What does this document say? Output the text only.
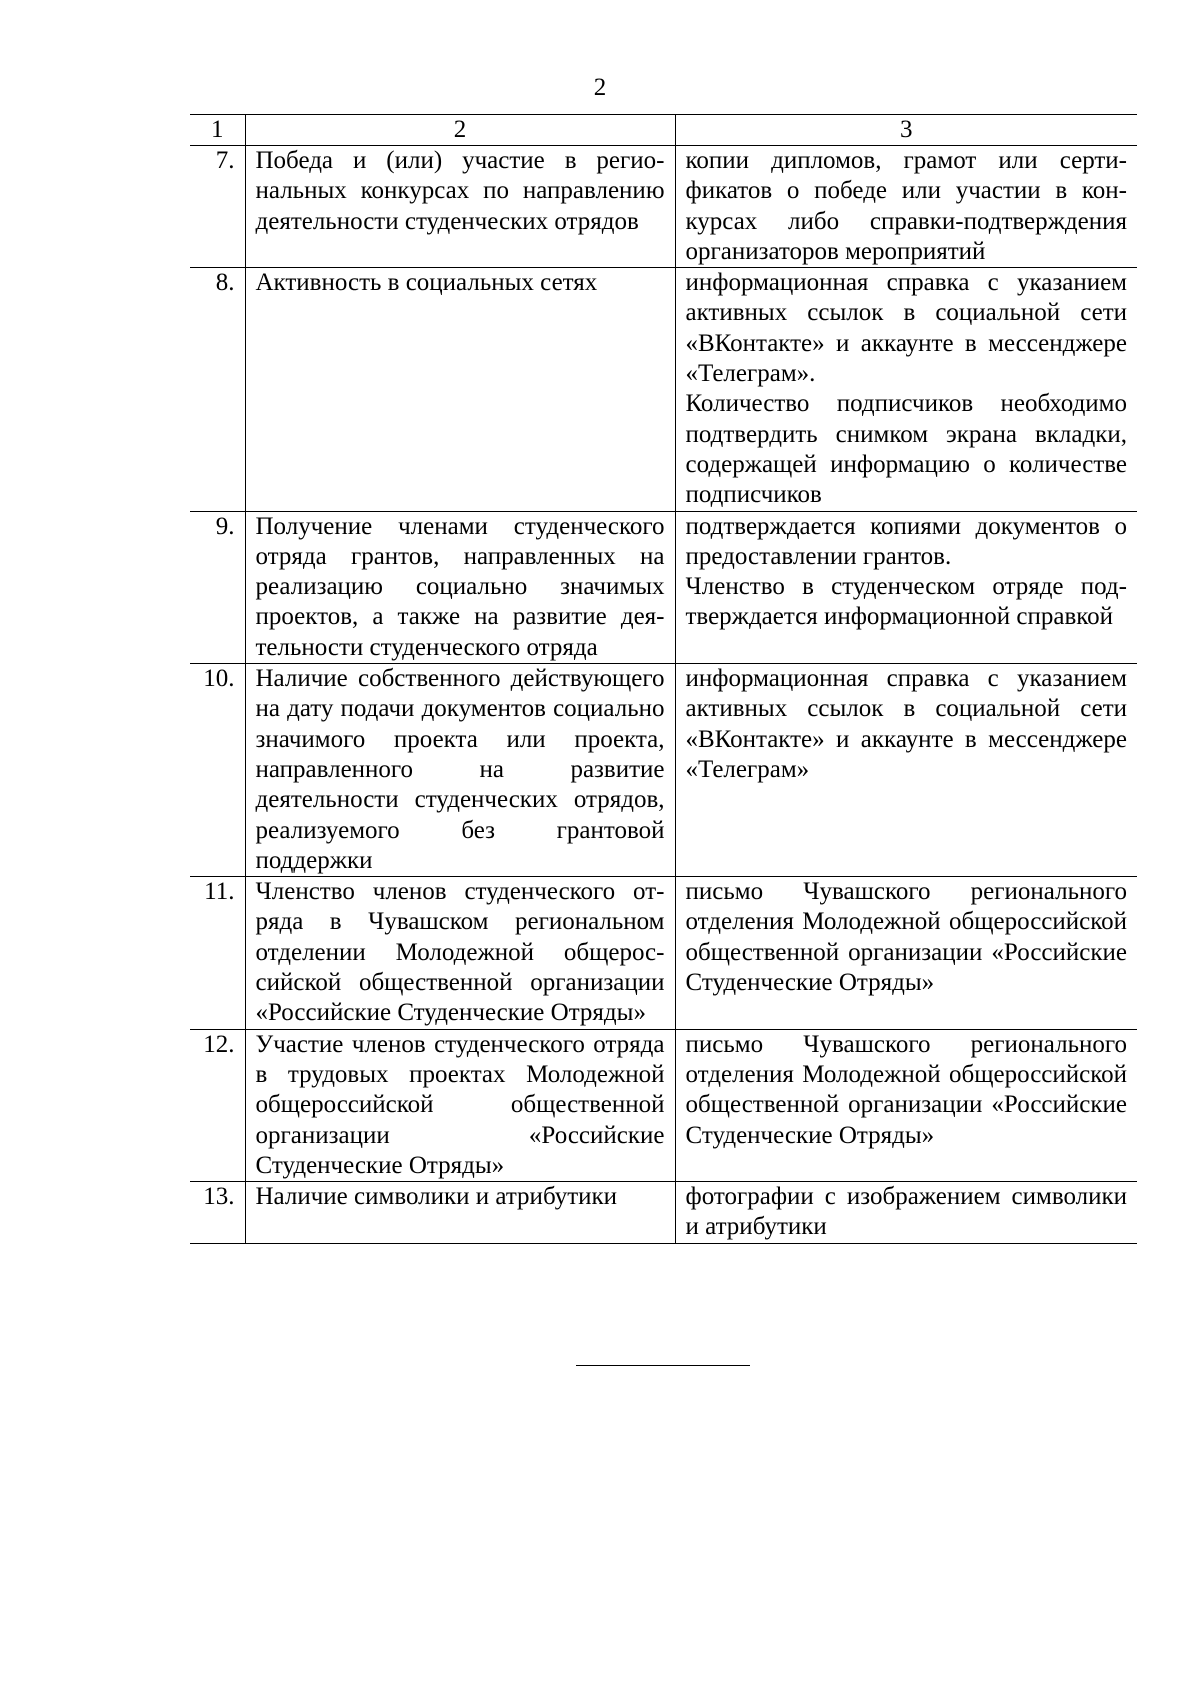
2
1	2	3
7.	Победа и (или) участие в региональных конкурсах по направлению деятельности студенческих отрядов	копии дипломов, грамот или сертификатов о победе или участии в конкурсах либо справки-подтверждения организаторов мероприятий

8.	Активность в социальных сетях	информационная справка с указанием активных ссылок в социальной сети «ВКонтакте» и аккаунте в мессенджере «Телеграм».

Количество подписчиков необходимо подтвердить снимком экрана вкладки, содержащей информацию о количестве подписчиков

9.	Получение членами студенческого отряда грантов, направленных на реализацию социально значимых проектов, а также на развитие деятельности студенческого отряда	подтверждается копиями документов о предоставлении грантов.

Членство в студенческом отряде подтверждается информационной справкой

10.	Наличие собственного действующего на дату подачи документов социально значимого проекта или проекта, направленного на развитие деятельности студенческих отрядов, реализуемого без грантовой поддержки	информационная справка с указанием активных ссылок в социальной сети «ВКонтакте» и аккаунте в мессенджере «Телеграм»

11.	Членство членов студенческого отряда в Чувашском региональном отделении Молодежной общероссийской общественной организации «Российские Студенческие Отряды»	письмо Чувашского регионального отделения Молодежной общероссийской общественной организации «Российские Студенческие Отряды»

12.	Участие членов студенческого отряда в трудовых проектах Молодежной общероссийской общественной организации «Российские Студенческие Отряды»	письмо Чувашского регионального отделения Молодежной общероссийской общественной организации «Российские Студенческие Отряды»

13.	Наличие символики и атрибутики	фотографии с изображением символики и атрибутики
